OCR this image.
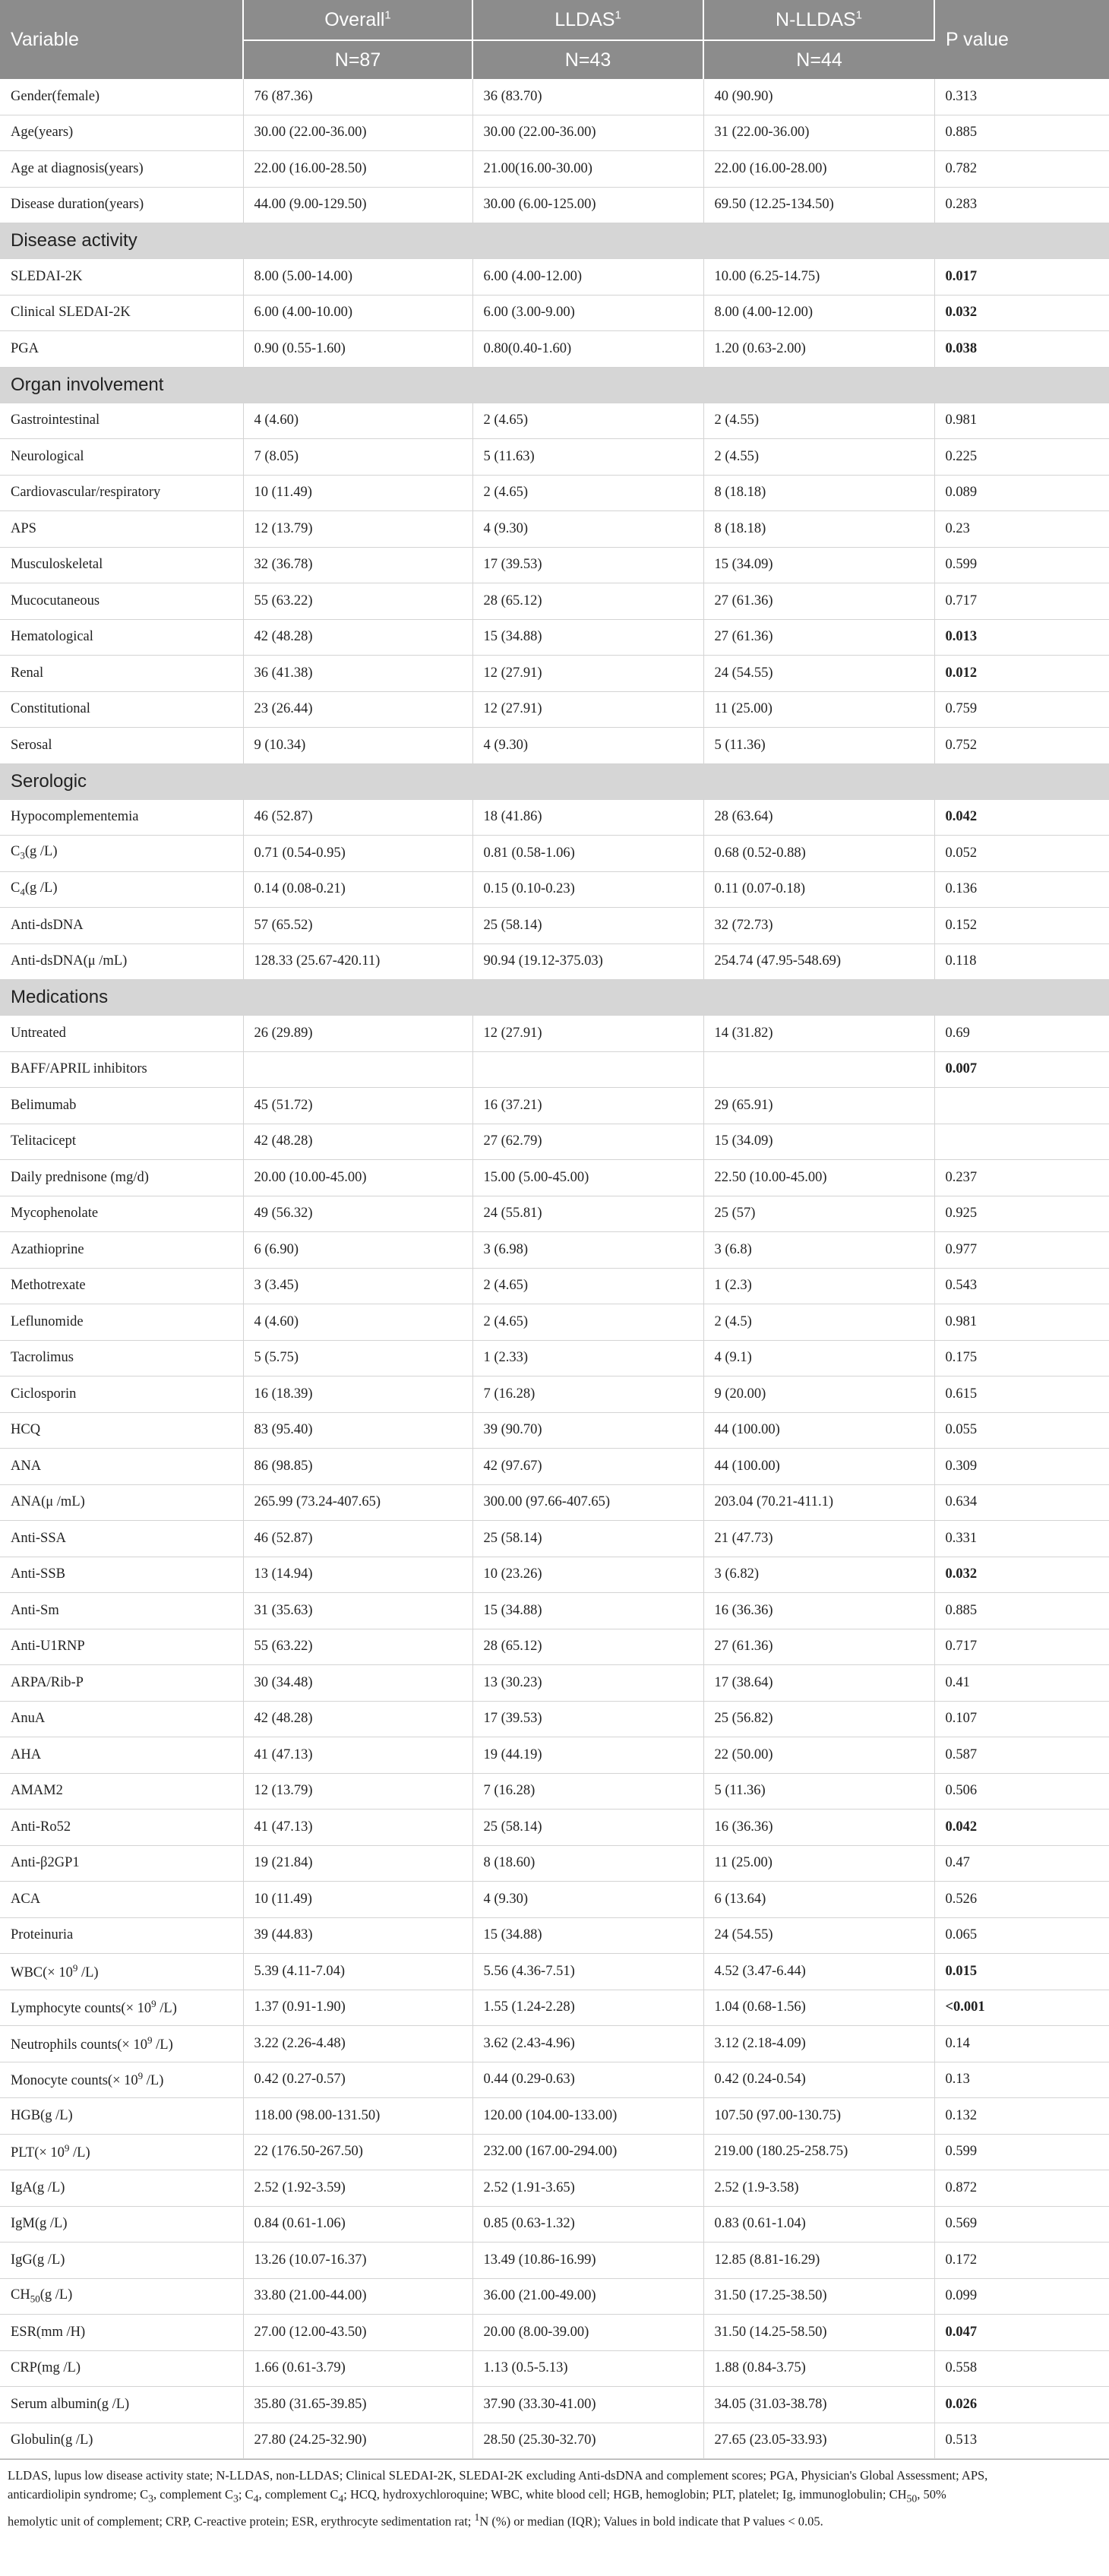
Variable	Overall$^1$	LLDAS$^1$	N-LLDAS$^1$	P value
	N=87	N=43	N=44	
Gender(female)	76 (87.36)	36 (83.70)	40 (90.90)	0.313
Age(years)	30.00 (22.00-36.00)	30.00 (22.00-36.00)	31 (22.00-36.00)	0.885
Age at diagnosis(years)	22.00 (16.00-28.50)	21.00(16.00-30.00)	22.00 (16.00-28.00)	0.782
Disease duration(years)	44.00 (9.00-129.50)	30.00 (6.00-125.00)	69.50 (12.25-134.50)	0.283
Disease activity				
SLEDAI-2K	8.00 (5.00-14.00)	6.00 (4.00-12.00)	10.00 (6.25-14.75)	0.017
Clinical SLEDAI-2K	6.00 (4.00-10.00)	6.00 (3.00-9.00)	8.00 (4.00-12.00)	0.032
PGA	0.90 (0.55-1.60)	0.80(0.40-1.60)	1.20 (0.63-2.00)	0.038
Organ involvement				
Gastrointestinal	4 (4.60)	2 (4.65)	2 (4.55)	0.981
Neurological	7 (8.05)	5 (11.63)	2 (4.55)	0.225
Cardiovascular/respiratory	10 (11.49)	2 (4.65)	8 (18.18)	0.089
APS	12 (13.79)	4 (9.30)	8 (18.18)	0.23
Musculoskeletal	32 (36.78)	17 (39.53)	15 (34.09)	0.599
Mucocutaneous	55 (63.22)	28 (65.12)	27 (61.36)	0.717
Hematological	42 (48.28)	15 (34.88)	27 (61.36)	0.013
Renal	36 (41.38)	12 (27.91)	24 (54.55)	0.012
Constitutional	23 (26.44)	12 (27.91)	11 (25.00)	0.759
Serosal	9 (10.34)	4 (9.30)	5 (11.36)	0.752
Serologic				
Hypocomplementemia	46 (52.87)	18 (41.86)	28 (63.64)	0.042
$C_3(g$ /L)	0.71 (0.54-0.95)	0.81 (0.58-1.06)	0.68 (0.52-0.88)	0.052
$C_4(g$ /L)	0.14 (0.08-0.21)	0.15 (0.10-0.23)	0.11 (0.07-0.18)	0.136
Anti-dsDNA	57 (65.52)	25 (58.14)	32 (72.73)	0.152
Anti-dsDNA(μ /mL)	128.33 (25.67-420.11)	90.94 (19.12-375.03)	254.74 (47.95-548.69)	0.118
Medications				
Untreated	26 (29.89)	12 (27.91)	14 (31.82)	0.69
BAFF/APRIL inhibitors				0.007
Belimumab	45 (51.72)	16 (37.21)	29 (65.91)	
Telitacicept	42 (48.28)	27 (62.79)	15 (34.09)	
Daily prednisone (mg/d)	20.00 (10.00-45.00)	15.00 (5.00-45.00)	22.50 (10.00-45.00)	0.237
Mycophenolate	49 (56.32)	24 (55.81)	25 (57)	0.925
Azathioprine	6 (6.90)	3 (6.98)	3 (6.8)	0.977
Methotrexate	3 (3.45)	2 (4.65)	1 (2.3)	0.543
Leflunomide	4 (4.60)	2 (4.65)	2 (4.5)	0.981
Tacrolimus	5 (5.75)	1 (2.33)	4 (9.1)	0.175
Ciclosporin	16 (18.39)	7 (16.28)	9 (20.00)	0.615
HCQ	83 (95.40)	39 (90.70)	44 (100.00)	0.055
ANA	86 (98.85)	42 (97.67)	44 (100.00)	0.309
ANA(μ /mL)	265.99 (73.24-407.65)	300.00 (97.66-407.65)	203.04 (70.21-411.1)	0.634
Anti-SSA	46 (52.87)	25 (58.14)	21 (47.73)	0.331
Anti-SSB	13 (14.94)	10 (23.26)	3 (6.82)	0.032
Anti-Sm	31 (35.63)	15 (34.88)	16 (36.36)	0.885
Anti-U1RNP	55 (63.22)	28 (65.12)	27 (61.36)	0.717
ARPA/Rib-P	30 (34.48)	13 (30.23)	17 (38.64)	0.41
AnuA	42 (48.28)	17 (39.53)	25 (56.82)	0.107
AHA	41 (47.13)	19 (44.19)	22 (50.00)	0.587
AMAM2	12 (13.79)	7 (16.28)	5 (11.36)	0.506
Anti-Ro52	41 (47.13)	25 (58.14)	16 (36.36)	0.042
Anti-β2GP1	19 (21.84)	8 (18.60)	11 (25.00)	0.47
ACA	10 (11.49)	4 (9.30)	6 (13.64)	0.526
Proteinuria	39 (44.83)	15 (34.88)	24 (54.55)	0.065
$WBC(\times 10^9$ /L)	5.39 (4.11-7.04)	5.56 (4.36-7.51)	4.52 (3.47-6.44)	0.015
Lymphocyte counts(× $10^9$ /L)	1.37 (0.91-1.90)	1.55 (1.24-2.28)	1.04 (0.68-1.56)	<0.001
Neutrophils counts(× $10^9$ /L)	3.22 (2.26-4.48)	3.62 (2.43-4.96)	3.12 (2.18-4.09)	0.14
Monocyte counts(× $10^9$ /L)	0.42 (0.27-0.57)	0.44 (0.29-0.63)	0.42 (0.24-0.54)	0.13
HGB(g /L)	118.00 (98.00-131.50)	120.00 (104.00-133.00)	107.50 (97.00-130.75)	0.132
$PLT(\times 10^9$ /L)	22 (176.50-267.50)	232.00 (167.00-294.00)	219.00 (180.25-258.75)	0.599
IgA(g /L)	2.52 (1.92-3.59)	2.52 (1.91-3.65)	2.52 (1.9-3.58)	0.872
IgM(g /L)	0.84 (0.61-1.06)	0.85 (0.63-1.32)	0.83 (0.61-1.04)	0.569
IgG(g /L)	13.26 (10.07-16.37)	13.49 (10.86-16.99)	12.85 (8.81-16.29)	0.172
$CH_{50}(g$ /L)	33.80 (21.00-44.00)	36.00 (21.00-49.00)	31.50 (17.25-38.50)	0.099
ESR(mm /H)	27.00 (12.00-43.50)	20.00 (8.00-39.00)	31.50 (14.25-58.50)	0.047
CRP(mg /L)	1.66 (0.61-3.79)	1.13 (0.5-5.13)	1.88 (0.84-3.75)	0.558
Serum albumin(g /L)	35.80 (31.65-39.85)	37.90 (33.30-41.00)	34.05 (31.03-38.78)	0.026
Globulin(g /L)	27.80 (24.25-32.90)	28.50 (25.30-32.70)	27.65 (23.05-33.93)	0.513
LLDAS, lupus low disease activity state; N-LLDAS, non-LLDAS; Clinical SLEDAI-2K, SLEDAI-2K excluding Anti-dsDNA and complement scores; PGA, Physician's Global Assessment; APS,
anticardiolipin syndrome; $C_3$, complement $C_3$; $C_4$, complement $C_4$; HCQ, hydroxychloroquine; WBC, white blood cell; HGB, hemoglobin; PLT, platelet; Ig, immunoglobulin; $CH_{50}$, 50%
hemolytic unit of complement; CRP, C-reactive protein; ESR, erythrocyte sedimentation rat; $^1$N (%) or median (IQR); Values in bold indicate that P values < 0.05.
